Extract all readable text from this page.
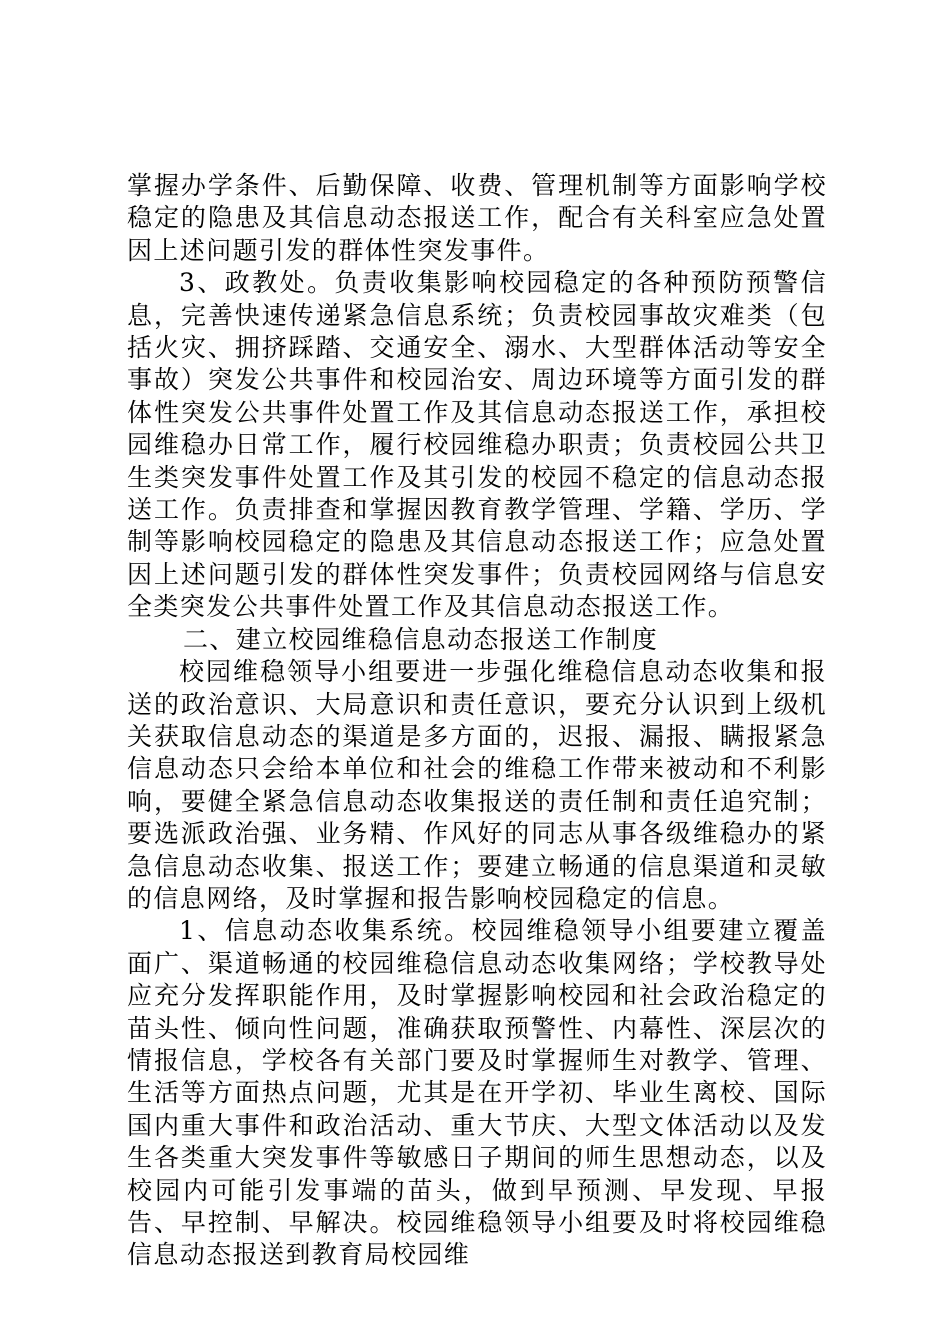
掌握办学条件、后勤保障、收费、管理机制等方面影响学校稳定的隐患及其信息动态报送工作，配合有关科室应急处置因上述问题引发的群体性突发事件。

3、政教处。负责收集影响校园稳定的各种预防预警信息，完善快速传递紧急信息系统；负责校园事故灾难类（包括火灾、拥挤踩踏、交通安全、溺水、大型群体活动等安全事故）突发公共事件和校园治安、周边环境等方面引发的群体性突发公共事件处置工作及其信息动态报送工作，承担校园维稳办日常工作，履行校园维稳办职责；负责校园公共卫生类突发事件处置工作及其引发的校园不稳定的信息动态报送工作。负责排查和掌握因教育教学管理、学籍、学历、学制等影响校园稳定的隐患及其信息动态报送工作；应急处置因上述问题引发的群体性突发事件；负责校园网络与信息安全类突发公共事件处置工作及其信息动态报送工作。

二、建立校园维稳信息动态报送工作制度

校园维稳领导小组要进一步强化维稳信息动态收集和报送的政治意识、大局意识和责任意识，要充分认识到上级机关获取信息动态的渠道是多方面的，迟报、漏报、瞒报紧急信息动态只会给本单位和社会的维稳工作带来被动和不利影响，要健全紧急信息动态收集报送的责任制和责任追究制；要选派政治强、业务精、作风好的同志从事各级维稳办的紧急信息动态收集、报送工作；要建立畅通的信息渠道和灵敏的信息网络，及时掌握和报告影响校园稳定的信息。

1、信息动态收集系统。校园维稳领导小组要建立覆盖面广、渠道畅通的校园维稳信息动态收集网络；学校教导处应充分发挥职能作用，及时掌握影响校园和社会政治稳定的苗头性、倾向性问题，准确获取预警性、内幕性、深层次的情报信息，学校各有关部门要及时掌握师生对教学、管理、生活等方面热点问题，尤其是在开学初、毕业生离校、国际国内重大事件和政治活动、重大节庆、大型文体活动以及发生各类重大突发事件等敏感日子期间的师生思想动态，以及校园内可能引发事端的苗头，做到早预测、早发现、早报告、早控制、早解决。校园维稳领导小组要及时将校园维稳信息动态报送到教育局校园维
